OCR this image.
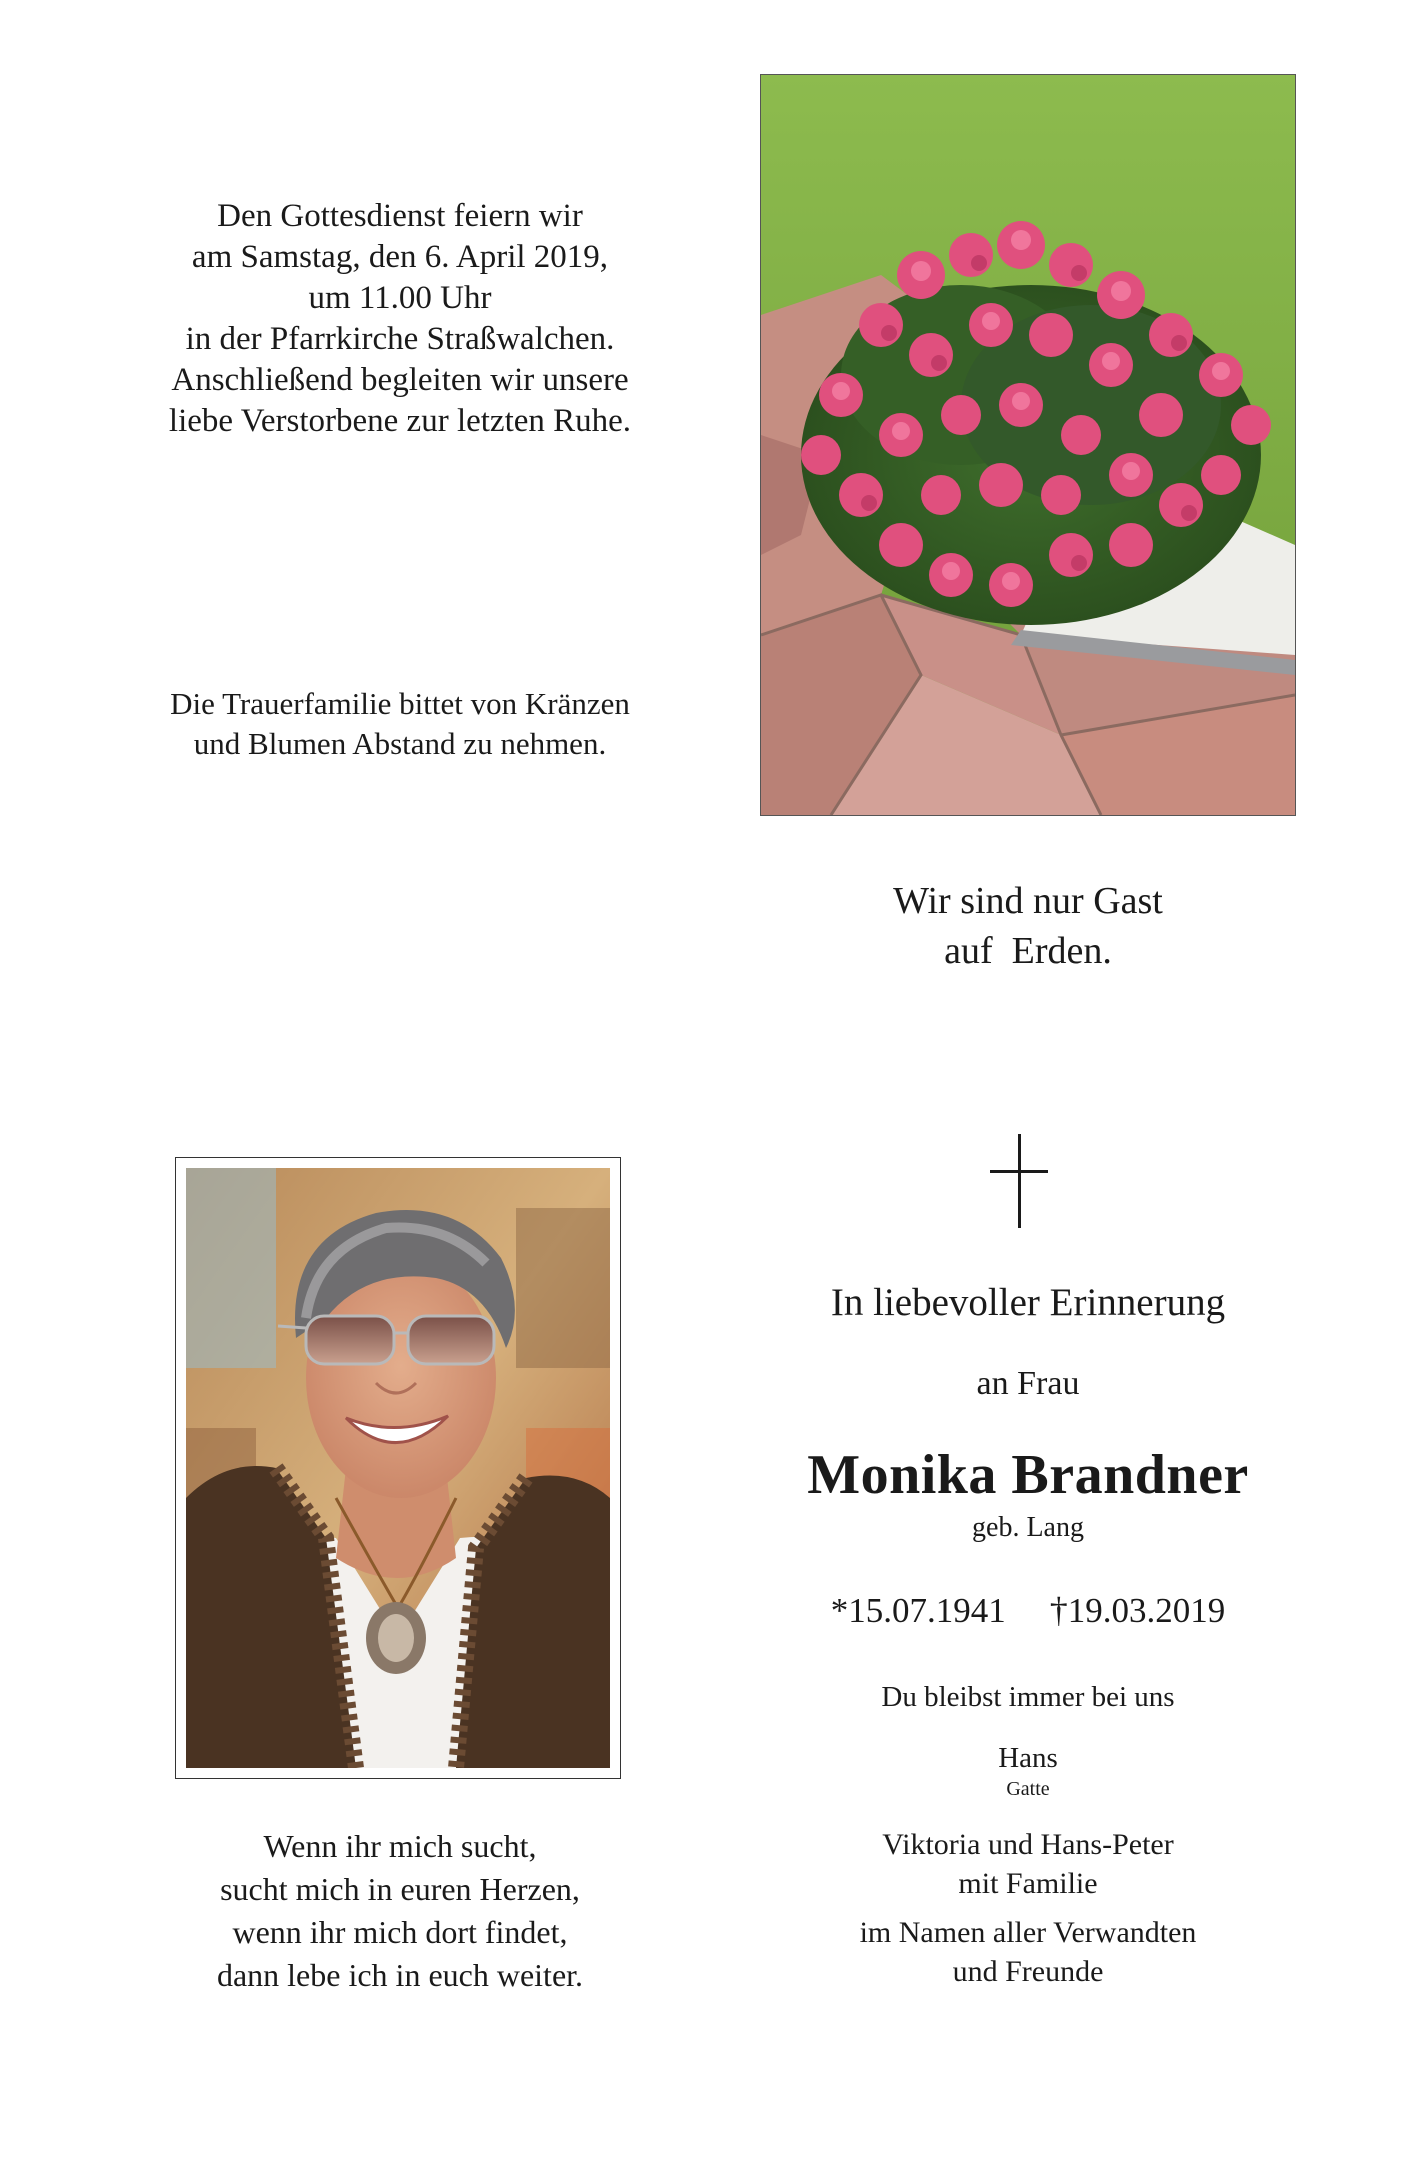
Den Gottesdienst feiern wir
am Samstag, den 6. April 2019,
um 11.00 Uhr
in der Pfarrkirche Straßwalchen.
Anschließend begleiten wir unsere
liebe Verstorbene zur letzten Ruhe.
Die Trauerfamilie bittet von Kränzen
und Blumen Abstand zu nehmen.
Wir sind nur Gast
auf  Erden.
Wenn ihr mich sucht,
sucht mich in euren Herzen,
wenn ihr mich dort findet,
dann lebe ich in euch weiter.
In liebevoller Erinnerung
an Frau
Monika Brandner
geb. Lang
*15.07.1941 †19.03.2019
Du bleibst immer bei uns
Hans
Gatte
Viktoria und Hans-Peter
mit Familie
im Namen aller Verwandten
und Freunde
